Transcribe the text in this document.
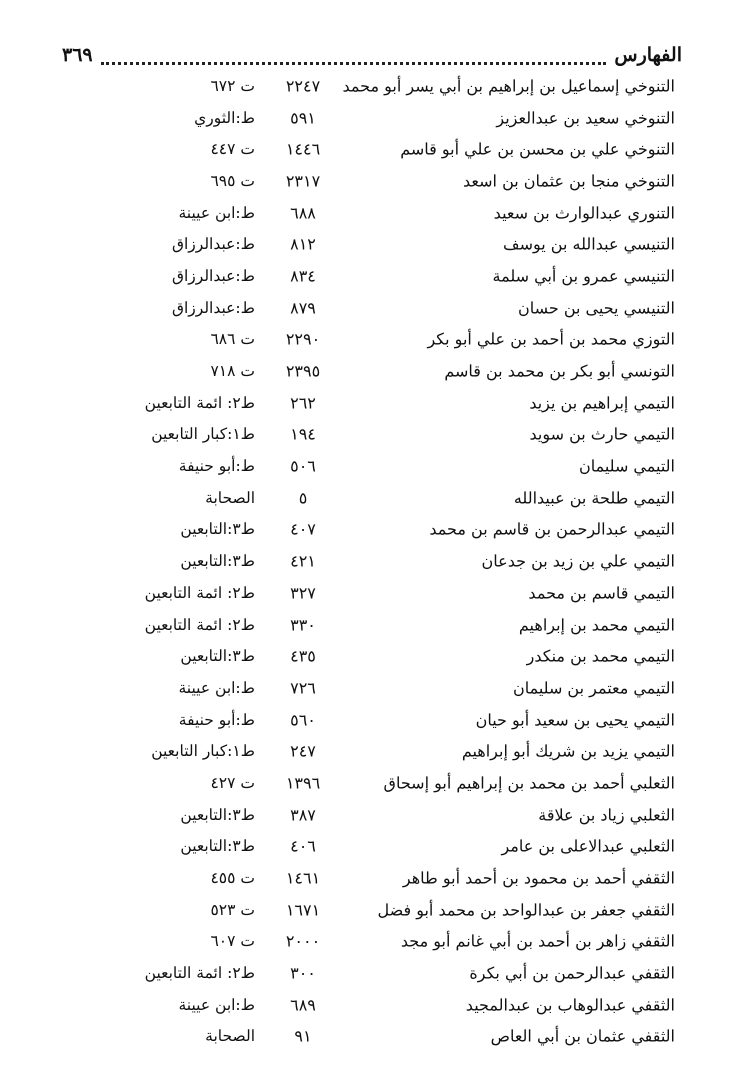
الفهارس
٣٦٩
التنوخي إسماعيل بن إبراهيم بن أبي يسر أبو محمد
٢٢٤٧
ت ٦٧٢
التنوخي سعيد بن عبدالعزيز
٥٩١
ط:الثوري
التنوخي علي بن محسن بن علي أبو قاسم
١٤٤٦
ت ٤٤٧
التنوخي منجا بن عثمان بن اسعد
٢٣١٧
ت ٦٩٥
التنوري عبدالوارث بن سعيد
٦٨٨
ط:ابن عيينة
التنيسي عبدالله بن يوسف
٨١٢
ط:عبدالرزاق
التنيسي عمرو بن أبي سلمة
٨٣٤
ط:عبدالرزاق
التنيسي يحيى بن حسان
٨٧٩
ط:عبدالرزاق
التوزي محمد بن أحمد بن علي أبو بكر
٢٢٩٠
ت ٦٨٦
التونسي أبو بكر بن محمد بن قاسم
٢٣٩٥
ت ٧١٨
التيمي إبراهيم بن يزيد
٢٦٢
ط٢: ائمة التابعين
التيمي حارث بن سويد
١٩٤
ط١:كبار التابعين
التيمي سليمان
٥٠٦
ط:أبو حنيفة
التيمي طلحة بن عبيدالله
٥
الصحابة
التيمي عبدالرحمن بن قاسم بن محمد
٤٠٧
ط٣:التابعين
التيمي علي بن زيد بن جدعان
٤٢١
ط٣:التابعين
التيمي قاسم بن محمد
٣٢٧
ط٢: ائمة التابعين
التيمي محمد بن إبراهيم
٣٣٠
ط٢: ائمة التابعين
التيمي محمد بن منكدر
٤٣٥
ط٣:التابعين
التيمي معتمر بن سليمان
٧٢٦
ط:ابن عيينة
التيمي يحيى بن سعيد أبو حيان
٥٦٠
ط:أبو حنيفة
التيمي يزيد بن شريك أبو إبراهيم
٢٤٧
ط١:كبار التابعين
الثعلبي أحمد بن محمد بن إبراهيم أبو إسحاق
١٣٩٦
ت ٤٢٧
الثعلبي زياد بن علاقة
٣٨٧
ط٣:التابعين
الثعلبي عبدالاعلى بن عامر
٤٠٦
ط٣:التابعين
الثقفي أحمد بن محمود بن أحمد أبو طاهر
١٤٦١
ت ٤٥٥
الثقفي جعفر بن عبدالواحد بن محمد أبو فضل
١٦٧١
ت ٥٢٣
الثقفي زاهر بن أحمد بن أبي غانم أبو مجد
٢٠٠٠
ت ٦٠٧
الثقفي عبدالرحمن بن أبي بكرة
٣٠٠
ط٢: ائمة التابعين
الثقفي عبدالوهاب بن عبدالمجيد
٦٨٩
ط:ابن عيينة
الثقفي عثمان بن أبي العاص
٩١
الصحابة
